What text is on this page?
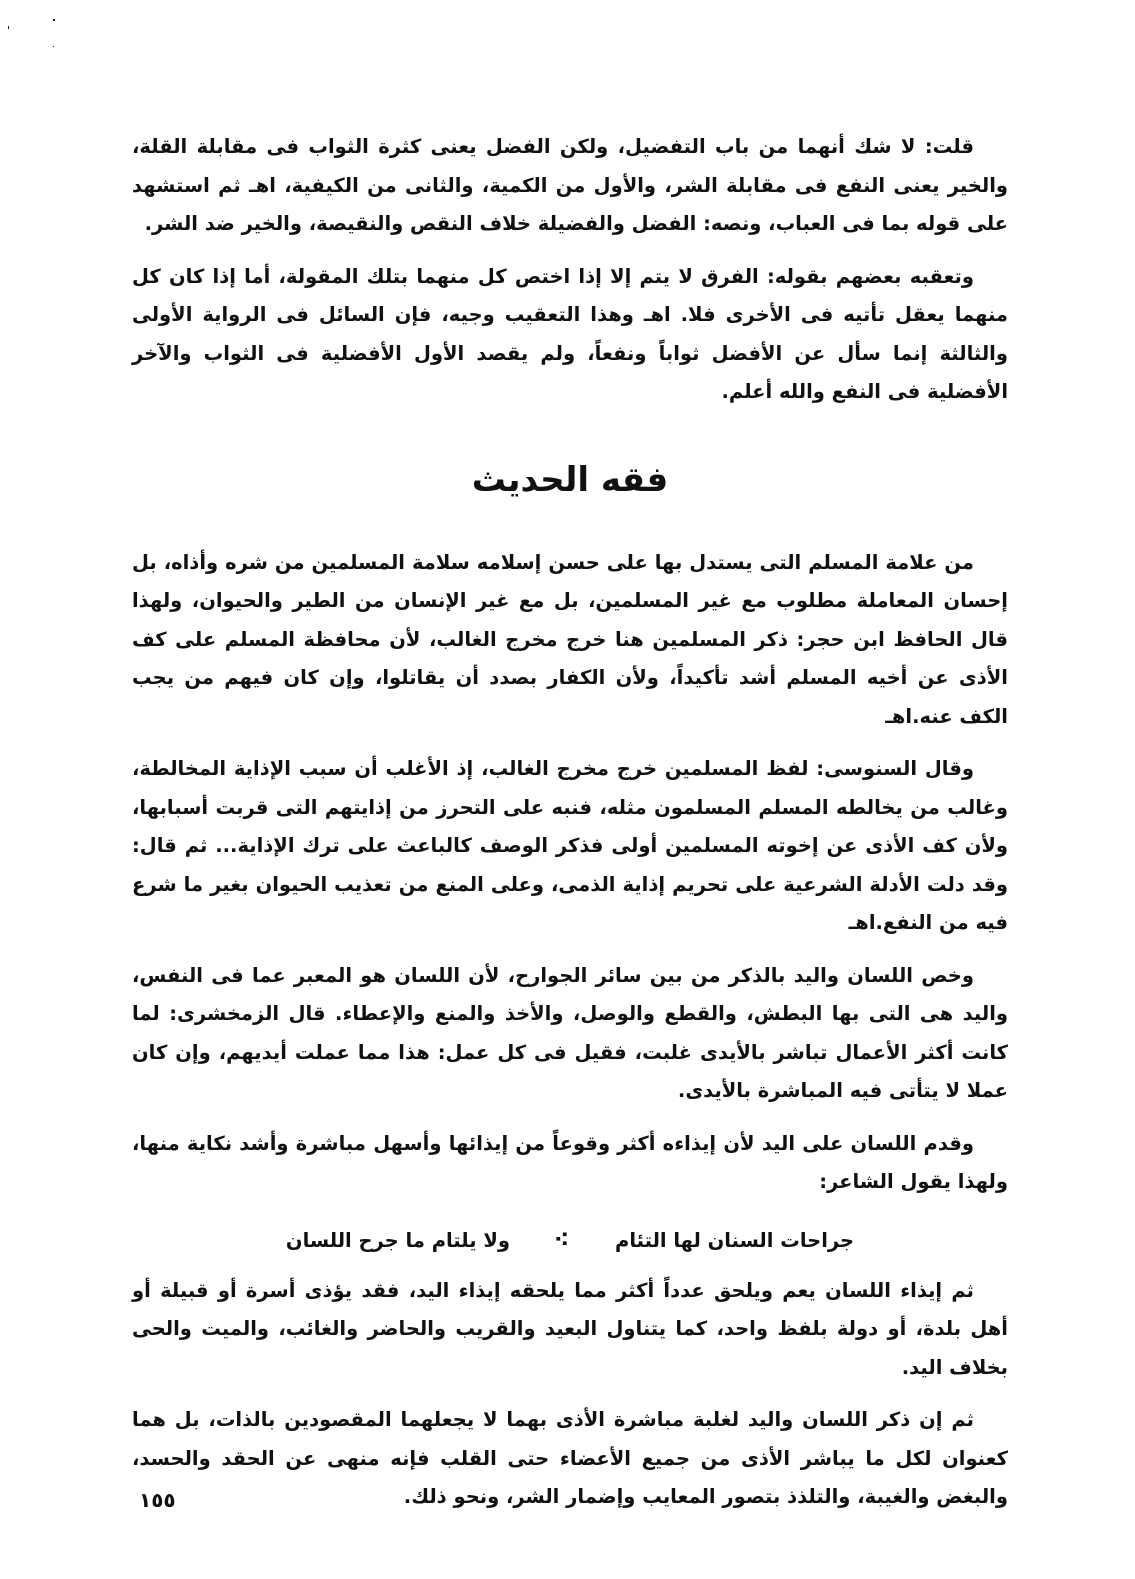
قلت: لا شك أنهما من باب التفضيل، ولكن الفضل يعنى كثرة الثواب فى مقابلة القلة، والخير يعنى النفع فى مقابلة الشر، والأول من الكمية، والثانى من الكيفية، اهـ ثم استشهد على قوله بما فى العباب، ونصه: الفضل والفضيلة خلاف النقص والنقيصة، والخير ضد الشر.

وتعقبه بعضهم بقوله: الفرق لا يتم إلا إذا اختص كل منهما بتلك المقولة، أما إذا كان كل منهما يعقل تأتيه فى الأخرى فلا. اهـ وهذا التعقيب وجيه، فإن السائل فى الرواية الأولى والثالثة إنما سأل عن الأفضل ثواباً ونفعاً، ولم يقصد الأول الأفضلية فى الثواب والآخر الأفضلية فى النفع والله أعلم.

فقه الحديث

من علامة المسلم التى يستدل بها على حسن إسلامه سلامة المسلمين من شره وأذاه، بل إحسان المعاملة مطلوب مع غير المسلمين، بل مع غير الإنسان من الطير والحيوان، ولهذا قال الحافظ ابن حجر: ذكر المسلمين هنا خرج مخرج الغالب، لأن محافظة المسلم على كف الأذى عن أخيه المسلم أشد تأكيداً، ولأن الكفار بصدد أن يقاتلوا، وإن كان فيهم من يجب الكف عنه.اهـ

وقال السنوسى: لفظ المسلمين خرج مخرج الغالب، إذ الأغلب أن سبب الإذاية المخالطة، وغالب من يخالطه المسلم المسلمون مثله، فنبه على التحرز من إذايتهم التى قربت أسبابها، ولأن كف الأذى عن إخوته المسلمين أولى فذكر الوصف كالباعث على ترك الإذاية... ثم قال: وقد دلت الأدلة الشرعية على تحريم إذاية الذمى، وعلى المنع من تعذيب الحيوان بغير ما شرع فيه من النفع.اهـ

وخص اللسان واليد بالذكر من بين سائر الجوارح، لأن اللسان هو المعبر عما فى النفس، واليد هى التى بها البطش، والقطع والوصل، والأخذ والمنع والإعطاء. قال الزمخشرى: لما كانت أكثر الأعمال تباشر بالأيدى غلبت، فقيل فى كل عمل: هذا مما عملت أيديهم، وإن كان عملا لا يتأتى فيه المباشرة بالأيدى.

وقدم اللسان على اليد لأن إيذاءه أكثر وقوعاً من إيذائها وأسهل مباشرة وأشد نكاية منها، ولهذا يقول الشاعر:

جراحات السنان لها التئام
⁖
ولا يلتام ما جرح اللسان

ثم إيذاء اللسان يعم ويلحق عدداً أكثر مما يلحقه إيذاء اليد، فقد يؤذى أسرة أو قبيلة أو أهل بلدة، أو دولة بلفظ واحد، كما يتناول البعيد والقريب والحاضر والغائب، والميت والحى بخلاف اليد.

ثم إن ذكر اللسان واليد لغلبة مباشرة الأذى بهما لا يجعلهما المقصودين بالذات، بل هما كعنوان لكل ما يباشر الأذى من جميع الأعضاء حتى القلب فإنه منهى عن الحقد والحسد، والبغض والغيبة، والتلذذ بتصور المعايب وإضمار الشر، ونحو ذلك.

١٥٥
